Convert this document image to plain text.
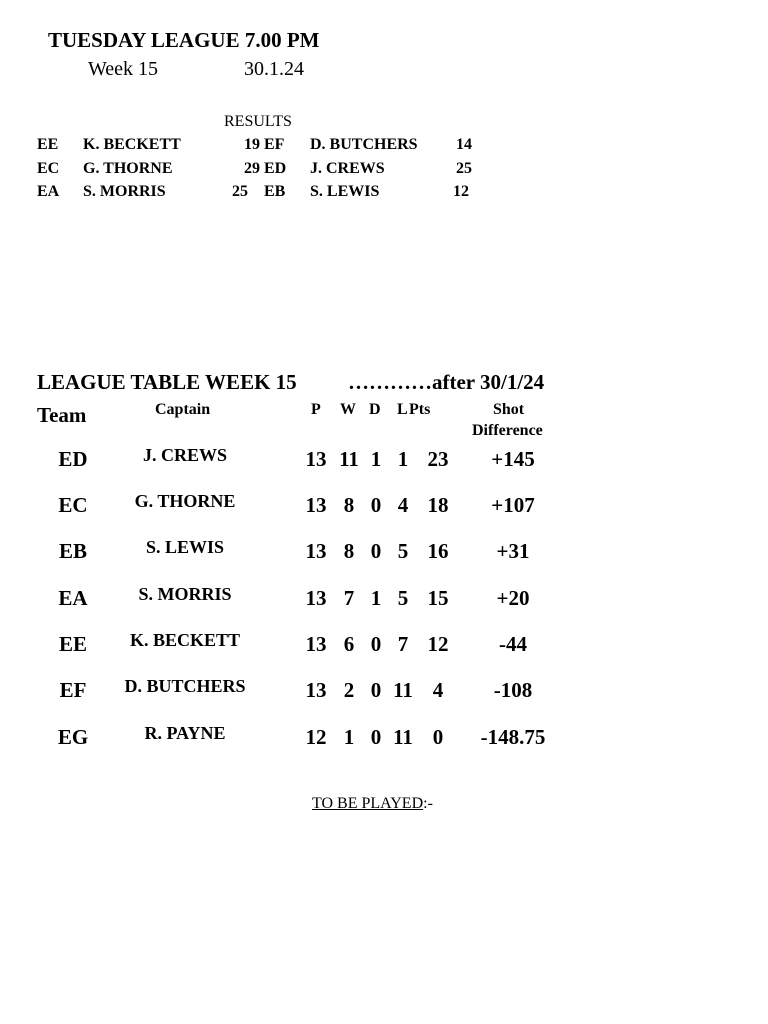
TUESDAY LEAGUE 7.00 PM
Week 15	30.1.24
RESULTS
EE K. BECKETT	19 EF D. BUTCHERS 14
EC G. THORNE	29 ED J. CREWS	25
EA S. MORRIS	25 EB S. LEWIS	12
LEAGUE TABLE WEEK 15 …………after 30/1/24
Team	Captain	P W D L Pts	Shot
Difference
ED	J. CREWS	13 11 1 1 23	+145
EC	G. THORNE	13 8 0 4 18	+107
EB	S. LEWIS	13 8 0 5 16	+31
EA	S. MORRIS	13 7 1 5 15	+20
EE	K. BECKETT	13 6 0 7 12	-44
EF	D. BUTCHERS	13 2 0 11 4	-108
EG	R. PAYNE	12 1 0 11 0	-148.75
TO BE PLAYED:-
